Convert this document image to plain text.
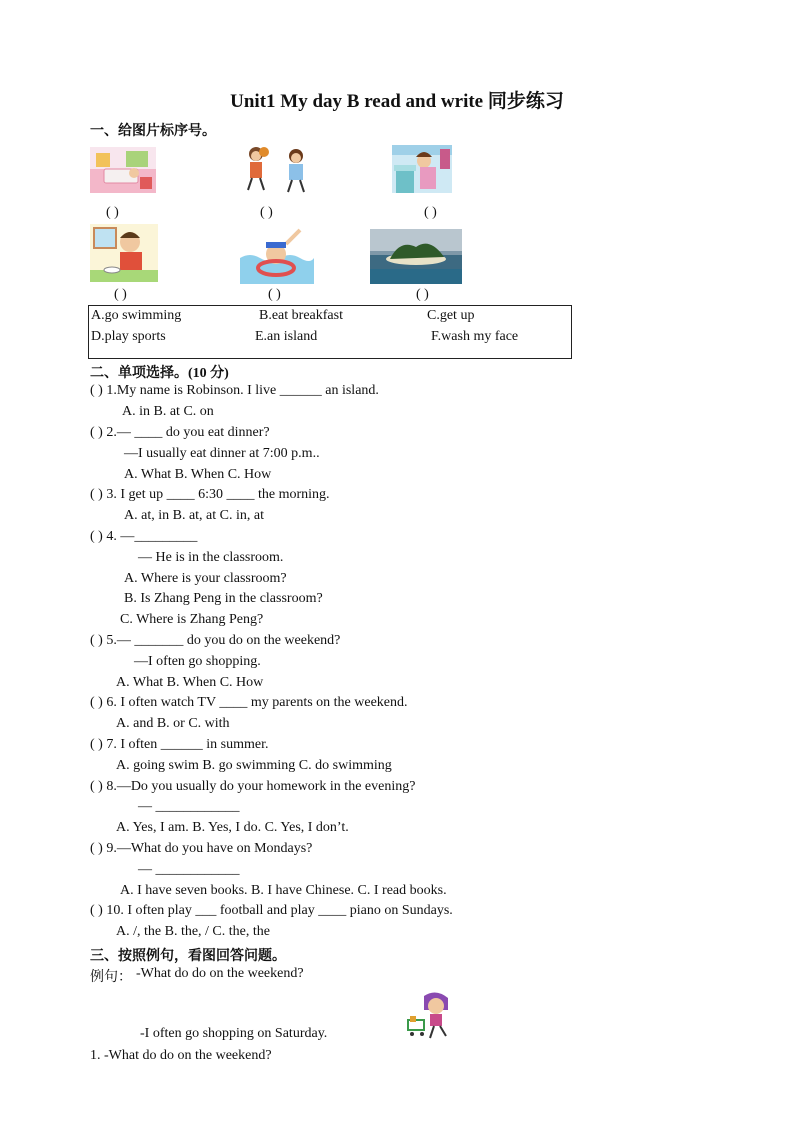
Unit1 My day B read and write 同步练习
一、给图片标序号。
( )	( )	( )
( )	( )	( )
A.go swimming	B.eat breakfast	C.get up
D.play sports	E.an island	F.wash my face
二、单项选择。(10 分)
( ) 1.My name is Robinson. I live ______ an island.
A. in B. at C. on
( ) 2.— ____ do you eat dinner?
—I usually eat dinner at 7:00 p.m..
A. What B. When C. How
( ) 3. I get up ____ 6:30 ____ the morning.
A. at, in B. at, at C. in, at
( ) 4. —_________
— He is in the classroom.
A. Where is your classroom?
B. Is Zhang Peng in the classroom?
C. Where is Zhang Peng?
( ) 5.— _______ do you do on the weekend?
—I often go shopping.
A. What B. When C. How
( ) 6. I often watch TV ____ my parents on the weekend.
A. and B. or C. with
( ) 7. I often ______ in summer.
A. going swim B. go swimming C. do swimming
( ) 8.—Do you usually do your homework in the evening?
— ____________
A. Yes, I am. B. Yes, I do. C. Yes, I don’t.
( ) 9.—What do you have on Mondays?
— ____________
A. I have seven books. B. I have Chinese. C. I read books.
( ) 10. I often play ___ football and play ____ piano on Sundays.
A. /, the B. the, / C. the, the
三、按照例句，看图回答问题。
例句： -What do do on the weekend?
-I often go shopping on Saturday.
1. -What do do on the weekend?
